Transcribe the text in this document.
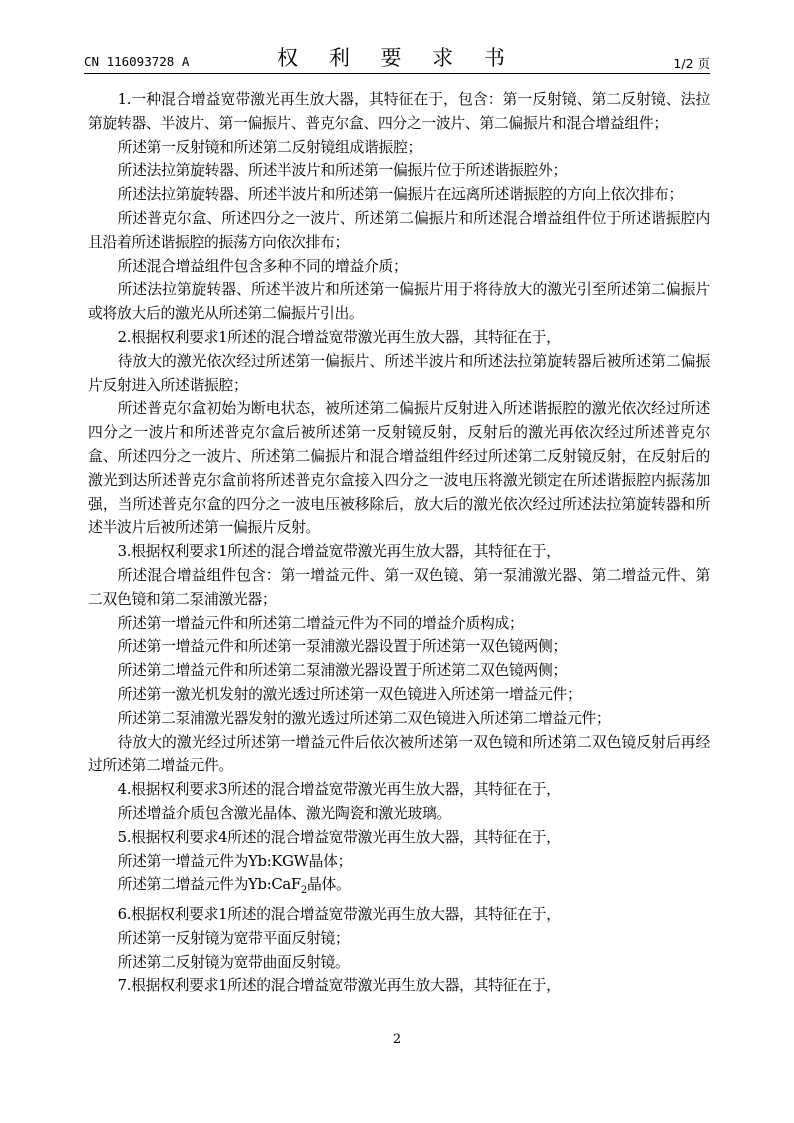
CN 116093728 A	权 利 要 求 书	1/2 页

1.一种混合增益宽带激光再生放大器，其特征在于，包含：第一反射镜、第二反射镜、法拉第旋转器、半波片、第一偏振片、普克尔盒、四分之一波片、第二偏振片和混合增益组件；

所述第一反射镜和所述第二反射镜组成谐振腔；

所述法拉第旋转器、所述半波片和所述第一偏振片位于所述谐振腔外；

所述法拉第旋转器、所述半波片和所述第一偏振片在远离所述谐振腔的方向上依次排布；

所述普克尔盒、所述四分之一波片、所述第二偏振片和所述混合增益组件位于所述谐振腔内且沿着所述谐振腔的振荡方向依次排布；

所述混合增益组件包含多种不同的增益介质；

所述法拉第旋转器、所述半波片和所述第一偏振片用于将待放大的激光引至所述第二偏振片或将放大后的激光从所述第二偏振片引出。

2.根据权利要求1所述的混合增益宽带激光再生放大器，其特征在于，

待放大的激光依次经过所述第一偏振片、所述半波片和所述法拉第旋转器后被所述第二偏振片反射进入所述谐振腔；

所述普克尔盒初始为断电状态，被所述第二偏振片反射进入所述谐振腔的激光依次经过所述四分之一波片和所述普克尔盒后被所述第一反射镜反射，反射后的激光再依次经过所述普克尔盒、所述四分之一波片、所述第二偏振片和混合增益组件经过所述第二反射镜反射，在反射后的激光到达所述普克尔盒前将所述普克尔盒接入四分之一波电压将激光锁定在所述谐振腔内振荡加强，当所述普克尔盒的四分之一波电压被移除后，放大后的激光依次经过所述法拉第旋转器和所述半波片后被所述第一偏振片反射。

3.根据权利要求1所述的混合增益宽带激光再生放大器，其特征在于，

所述混合增益组件包含：第一增益元件、第一双色镜、第一泵浦激光器、第二增益元件、第二双色镜和第二泵浦激光器；

所述第一增益元件和所述第二增益元件为不同的增益介质构成；

所述第一增益元件和所述第一泵浦激光器设置于所述第一双色镜两侧；

所述第二增益元件和所述第二泵浦激光器设置于所述第二双色镜两侧；

所述第一激光机发射的激光透过所述第一双色镜进入所述第一增益元件；

所述第二泵浦激光器发射的激光透过所述第二双色镜进入所述第二增益元件；

待放大的激光经过所述第一增益元件后依次被所述第一双色镜和所述第二双色镜反射后再经过所述第二增益元件。

4.根据权利要求3所述的混合增益宽带激光再生放大器，其特征在于，

所述增益介质包含激光晶体、激光陶瓷和激光玻璃。

5.根据权利要求4所述的混合增益宽带激光再生放大器，其特征在于，

所述第一增益元件为Yb:KGW晶体；

所述第二增益元件为Yb:CaF$_2$晶体。

6.根据权利要求1所述的混合增益宽带激光再生放大器，其特征在于，

所述第一反射镜为宽带平面反射镜；

所述第二反射镜为宽带曲面反射镜。

7.根据权利要求1所述的混合增益宽带激光再生放大器，其特征在于，

2
